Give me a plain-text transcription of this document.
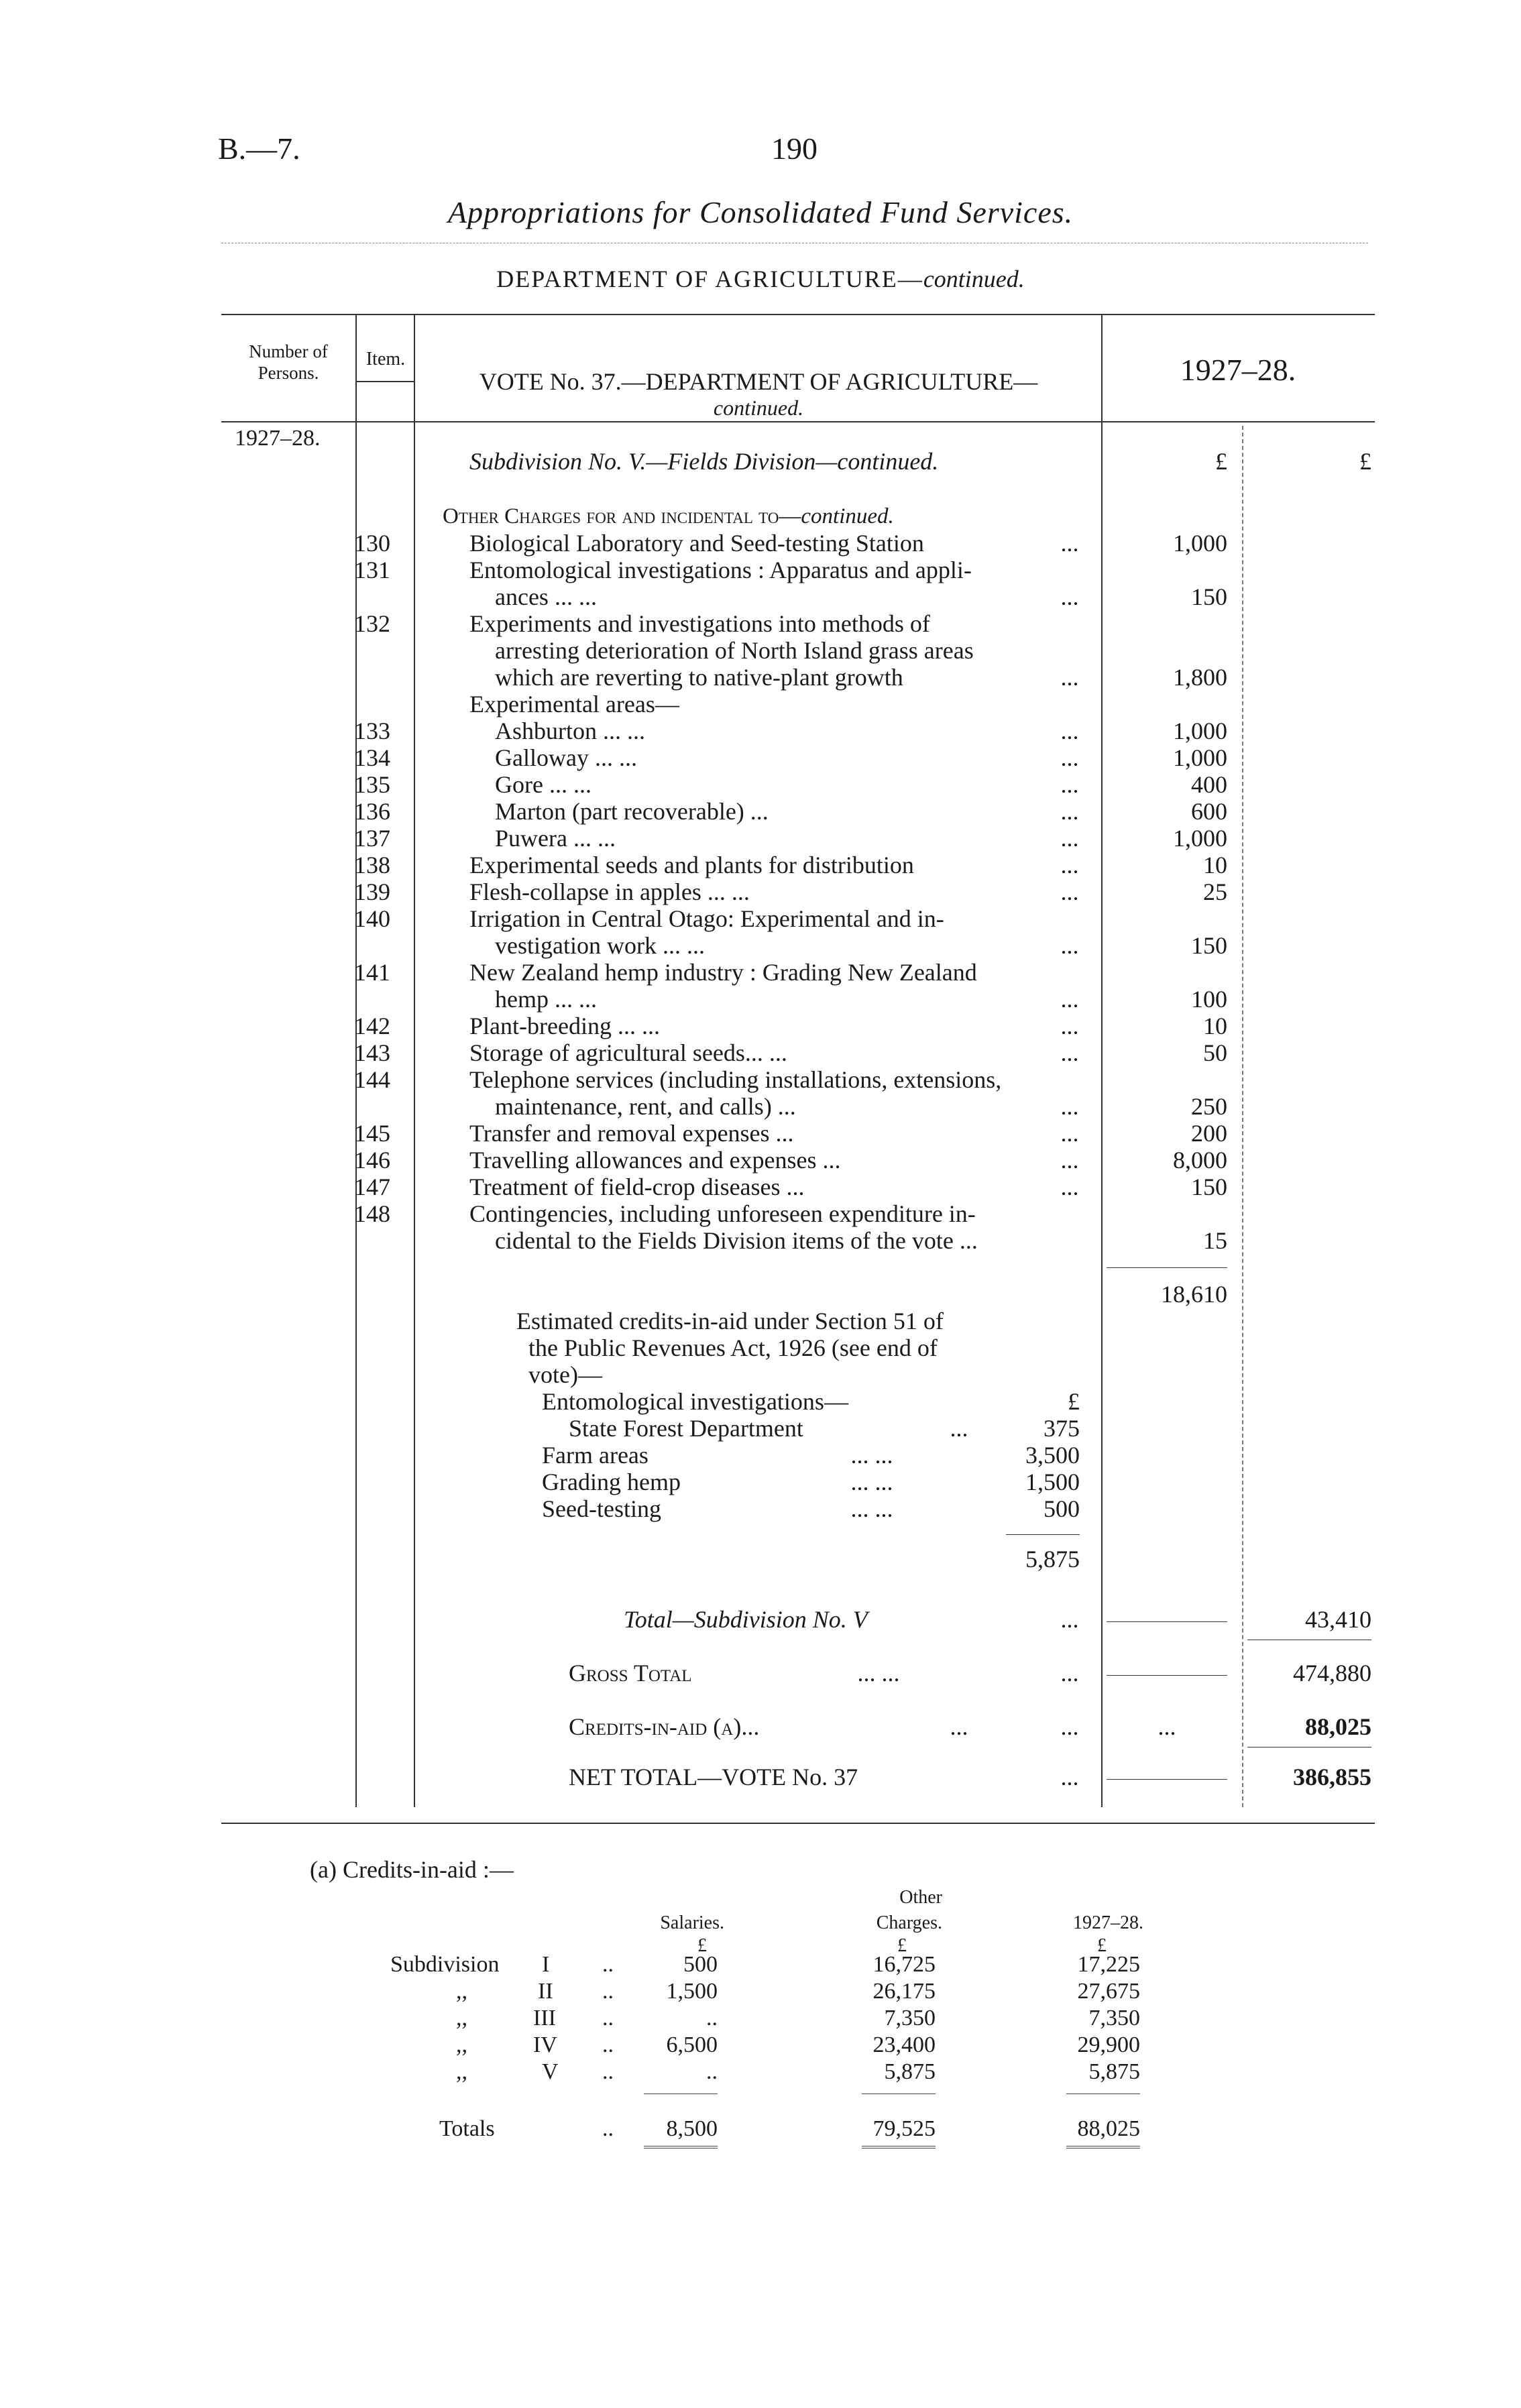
B.—7.	190
Appropriations for Consolidated Fund Services.
DEPARTMENT OF AGRICULTURE—continued.
Number of Persons.
Item.
VOTE No. 37.—DEPARTMENT OF AGRICULTURE—
continued.
1927–28.
1927–28.
Subdivision No. V.—Fields Division—continued.	£	£
Other Charges for and incidental to—continued.
130	Biological Laboratory and Seed-testing Station	...	1,000
131	Entomological investigations : Apparatus and appli-
ances ... ...	...	150
132	Experiments and investigations into methods of
arresting deterioration of North Island grass areas
which are reverting to native-plant growth	...	1,800
Experimental areas—
133	Ashburton ... ...	...	1,000
134	Galloway ... ...	...	1,000
135	Gore ... ...	...	400
136	Marton (part recoverable) ...	...	600
137	Puwera ... ...	...	1,000
138	Experimental seeds and plants for distribution	...	10
139	Flesh-collapse in apples ... ...	...	25
140	Irrigation in Central Otago: Experimental and in-
vestigation work ... ...	...	150
141	New Zealand hemp industry : Grading New Zealand
hemp ... ...	...	100
142	Plant-breeding ... ...	...	10
143	Storage of agricultural seeds... ...	...	50
144	Telephone services (including installations, extensions,
maintenance, rent, and calls) ...	...	250
145	Transfer and removal expenses ...	...	200
146	Travelling allowances and expenses ...	...	8,000
147	Treatment of field-crop diseases ...	...	150
148	Contingencies, including unforeseen expenditure in-
cidental to the Fields Division items of the vote ...	15
18,610
Estimated credits-in-aid under Section 51 of
the Public Revenues Act, 1926 (see end of
vote)—
Entomological investigations—	£
State Forest Department	...	375
Farm areas	... ...	3,500
Grading hemp	... ...	1,500
Seed-testing	... ...	500
5,875
Total—Subdivision No. V	...	43,410
Gross Total	... ...	...	474,880
Credits-in-aid (a)...	...	...	...	88,025
NET TOTAL—VOTE No. 37	...	386,855
(a) Credits-in-aid :—
Salaries.
Other
Charges.	1927–28.
£	£	£
Subdivision I ..	500	16,725	17,225
,,	II ..	1,500	26,175	27,675
,,	III ..	..	7,350	7,350
,,	IV ..	6,500	23,400	29,900
,,	V ..	..	5,875	5,875
Totals	..	8,500	79,525	88,025
